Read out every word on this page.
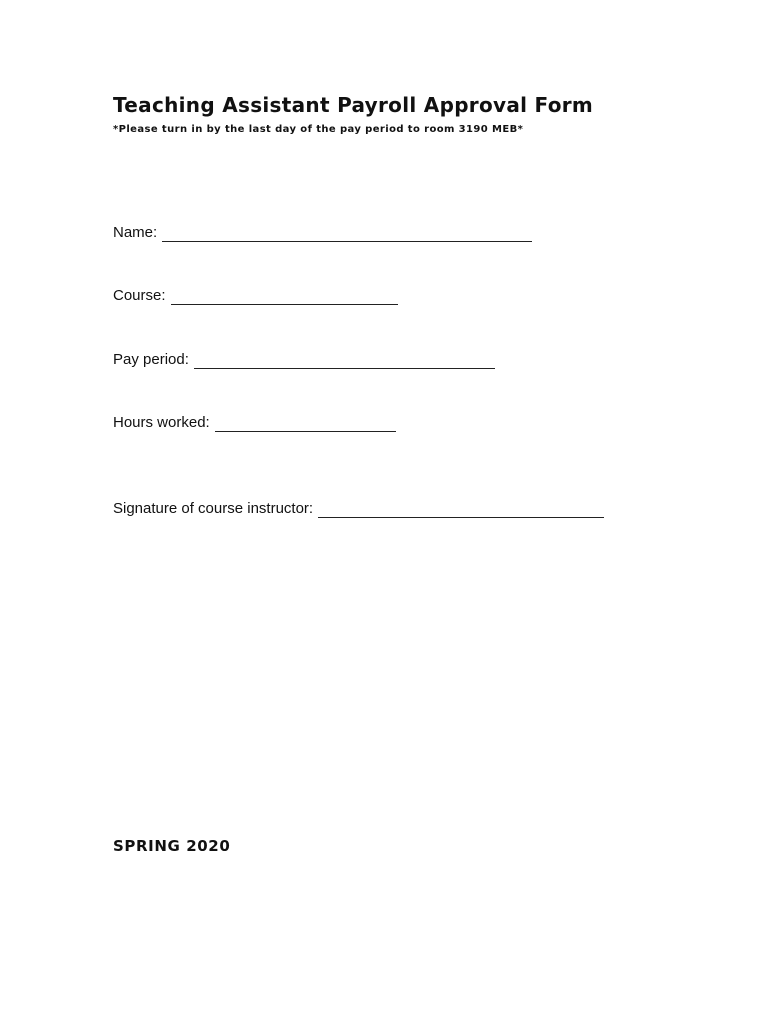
Teaching Assistant Payroll Approval Form
*Please turn in by the last day of the pay period to room 3190 MEB*
Name:
Course:
Pay period:
Hours worked:
Signature of course instructor:
SPRING 2020
